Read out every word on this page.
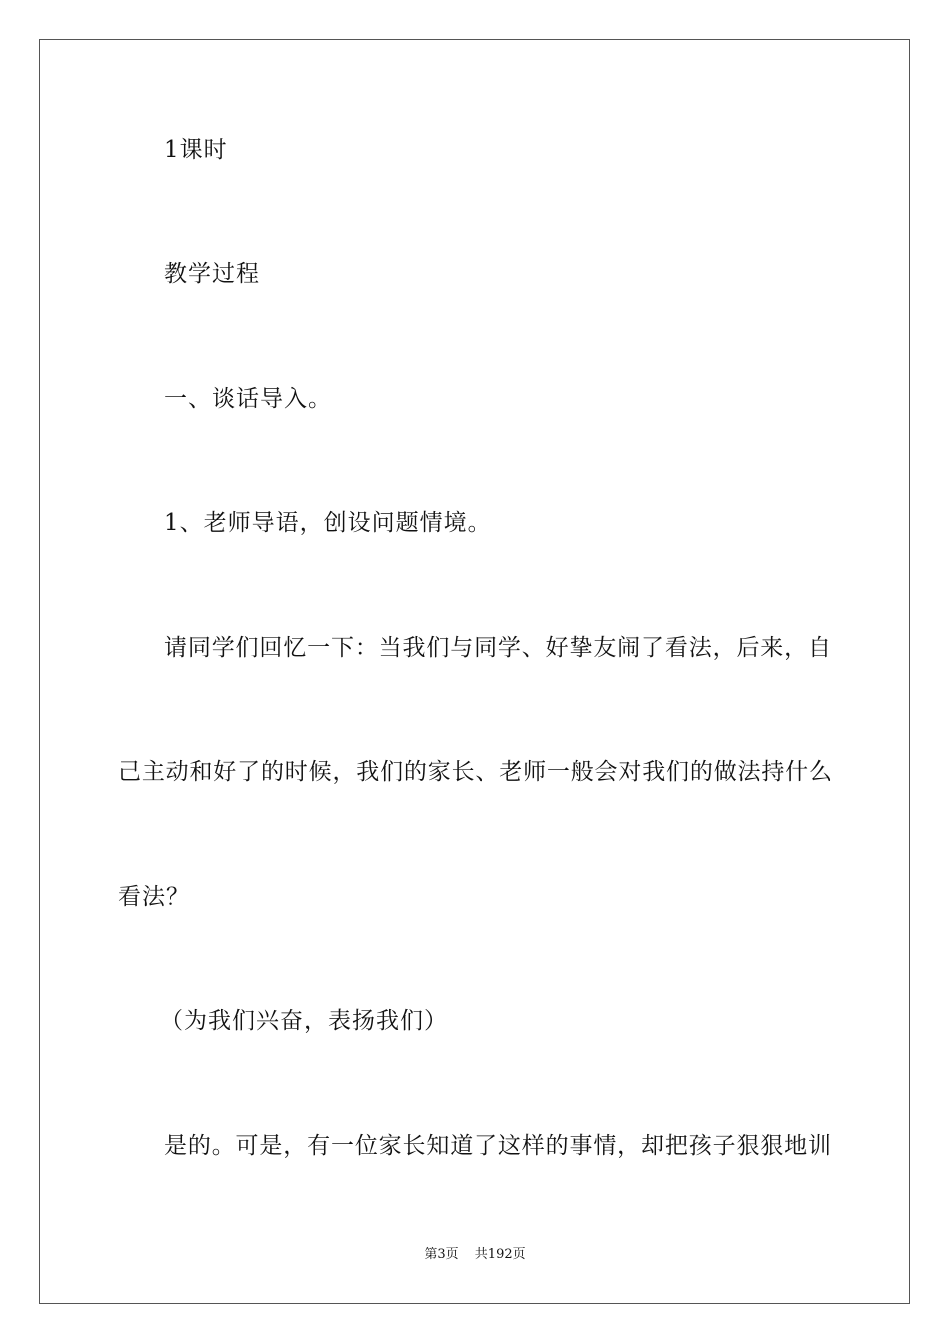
1课时
教学过程
一、谈话导入。
1、老师导语，创设问题情境。
请同学们回忆一下：当我们与同学、好挚友闹了看法，后来，自
己主动和好了的时候，我们的家长、老师一般会对我们的做法持什么
看法？
（为我们兴奋，表扬我们）
是的。可是，有一位家长知道了这样的事情，却把孩子狠狠地训
第3页 共192页
